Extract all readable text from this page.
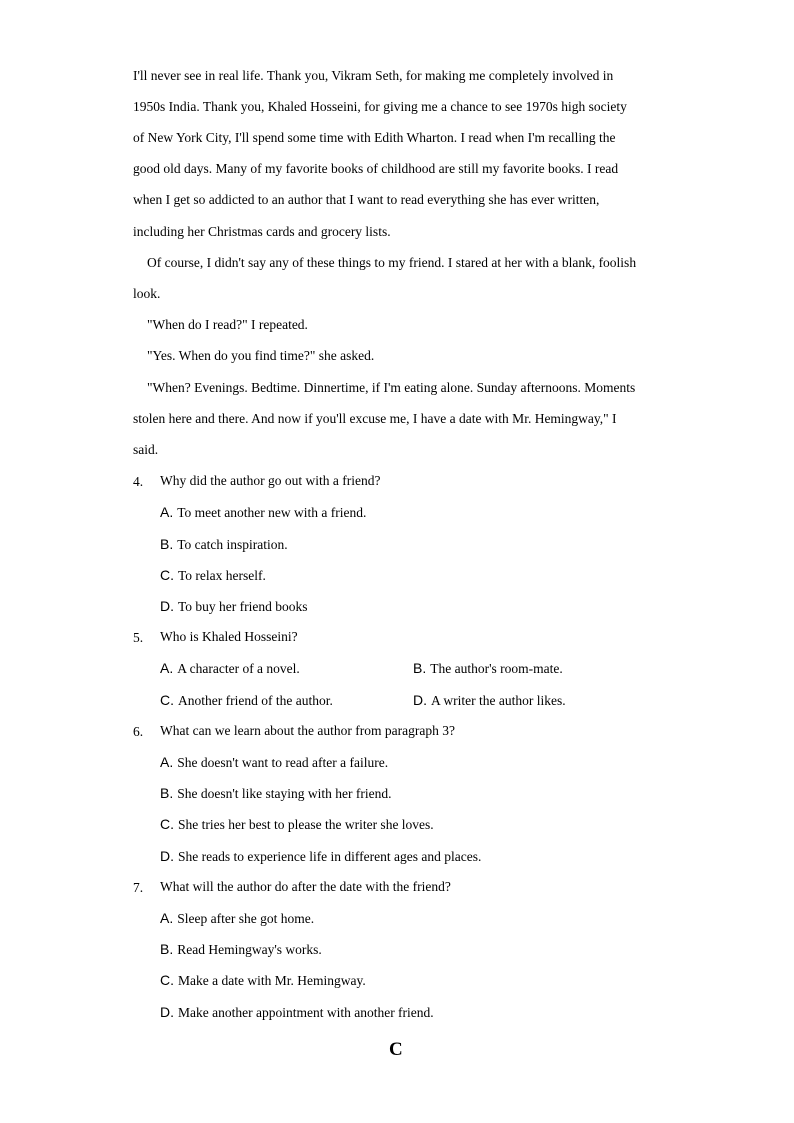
I'll never see in real life. Thank you, Vikram Seth, for making me completely involved in
1950s India. Thank you, Khaled Hosseini, for giving me a chance to see 1970s high society
of New York City, I'll spend some time with Edith Wharton. I read when I'm recalling the
good old days. Many of my favorite books of childhood are still my favorite books. I read
when I get so addicted to an author that I want to read everything she has ever written,
including her Christmas cards and grocery lists.
Of course, I didn't say any of these things to my friend. I stared at her with a blank, foolish
look.
"When do I read?" I repeated.
"Yes. When do you find time?" she asked.
"When? Evenings. Bedtime. Dinnertime, if I'm eating alone. Sunday afternoons. Moments
stolen here and there. And now if you'll excuse me, I have a date with Mr. Hemingway," I
said.
4. Why did the author go out with a friend?
A. To meet another new with a friend.
B. To catch inspiration.
C. To relax herself.
D. To buy her friend books
5. Who is Khaled Hosseini?
A. A character of a novel.	B. The author's room-mate.
C. Another friend of the author.	D. A writer the author likes.
6. What can we learn about the author from paragraph 3?
A. She doesn't want to read after a failure.
B. She doesn't like staying with her friend.
C. She tries her best to please the writer she loves.
D. She reads to experience life in different ages and places.
7. What will the author do after the date with the friend?
A. Sleep after she got home.
B. Read Hemingway's works.
C. Make a date with Mr. Hemingway.
D. Make another appointment with another friend.
C
